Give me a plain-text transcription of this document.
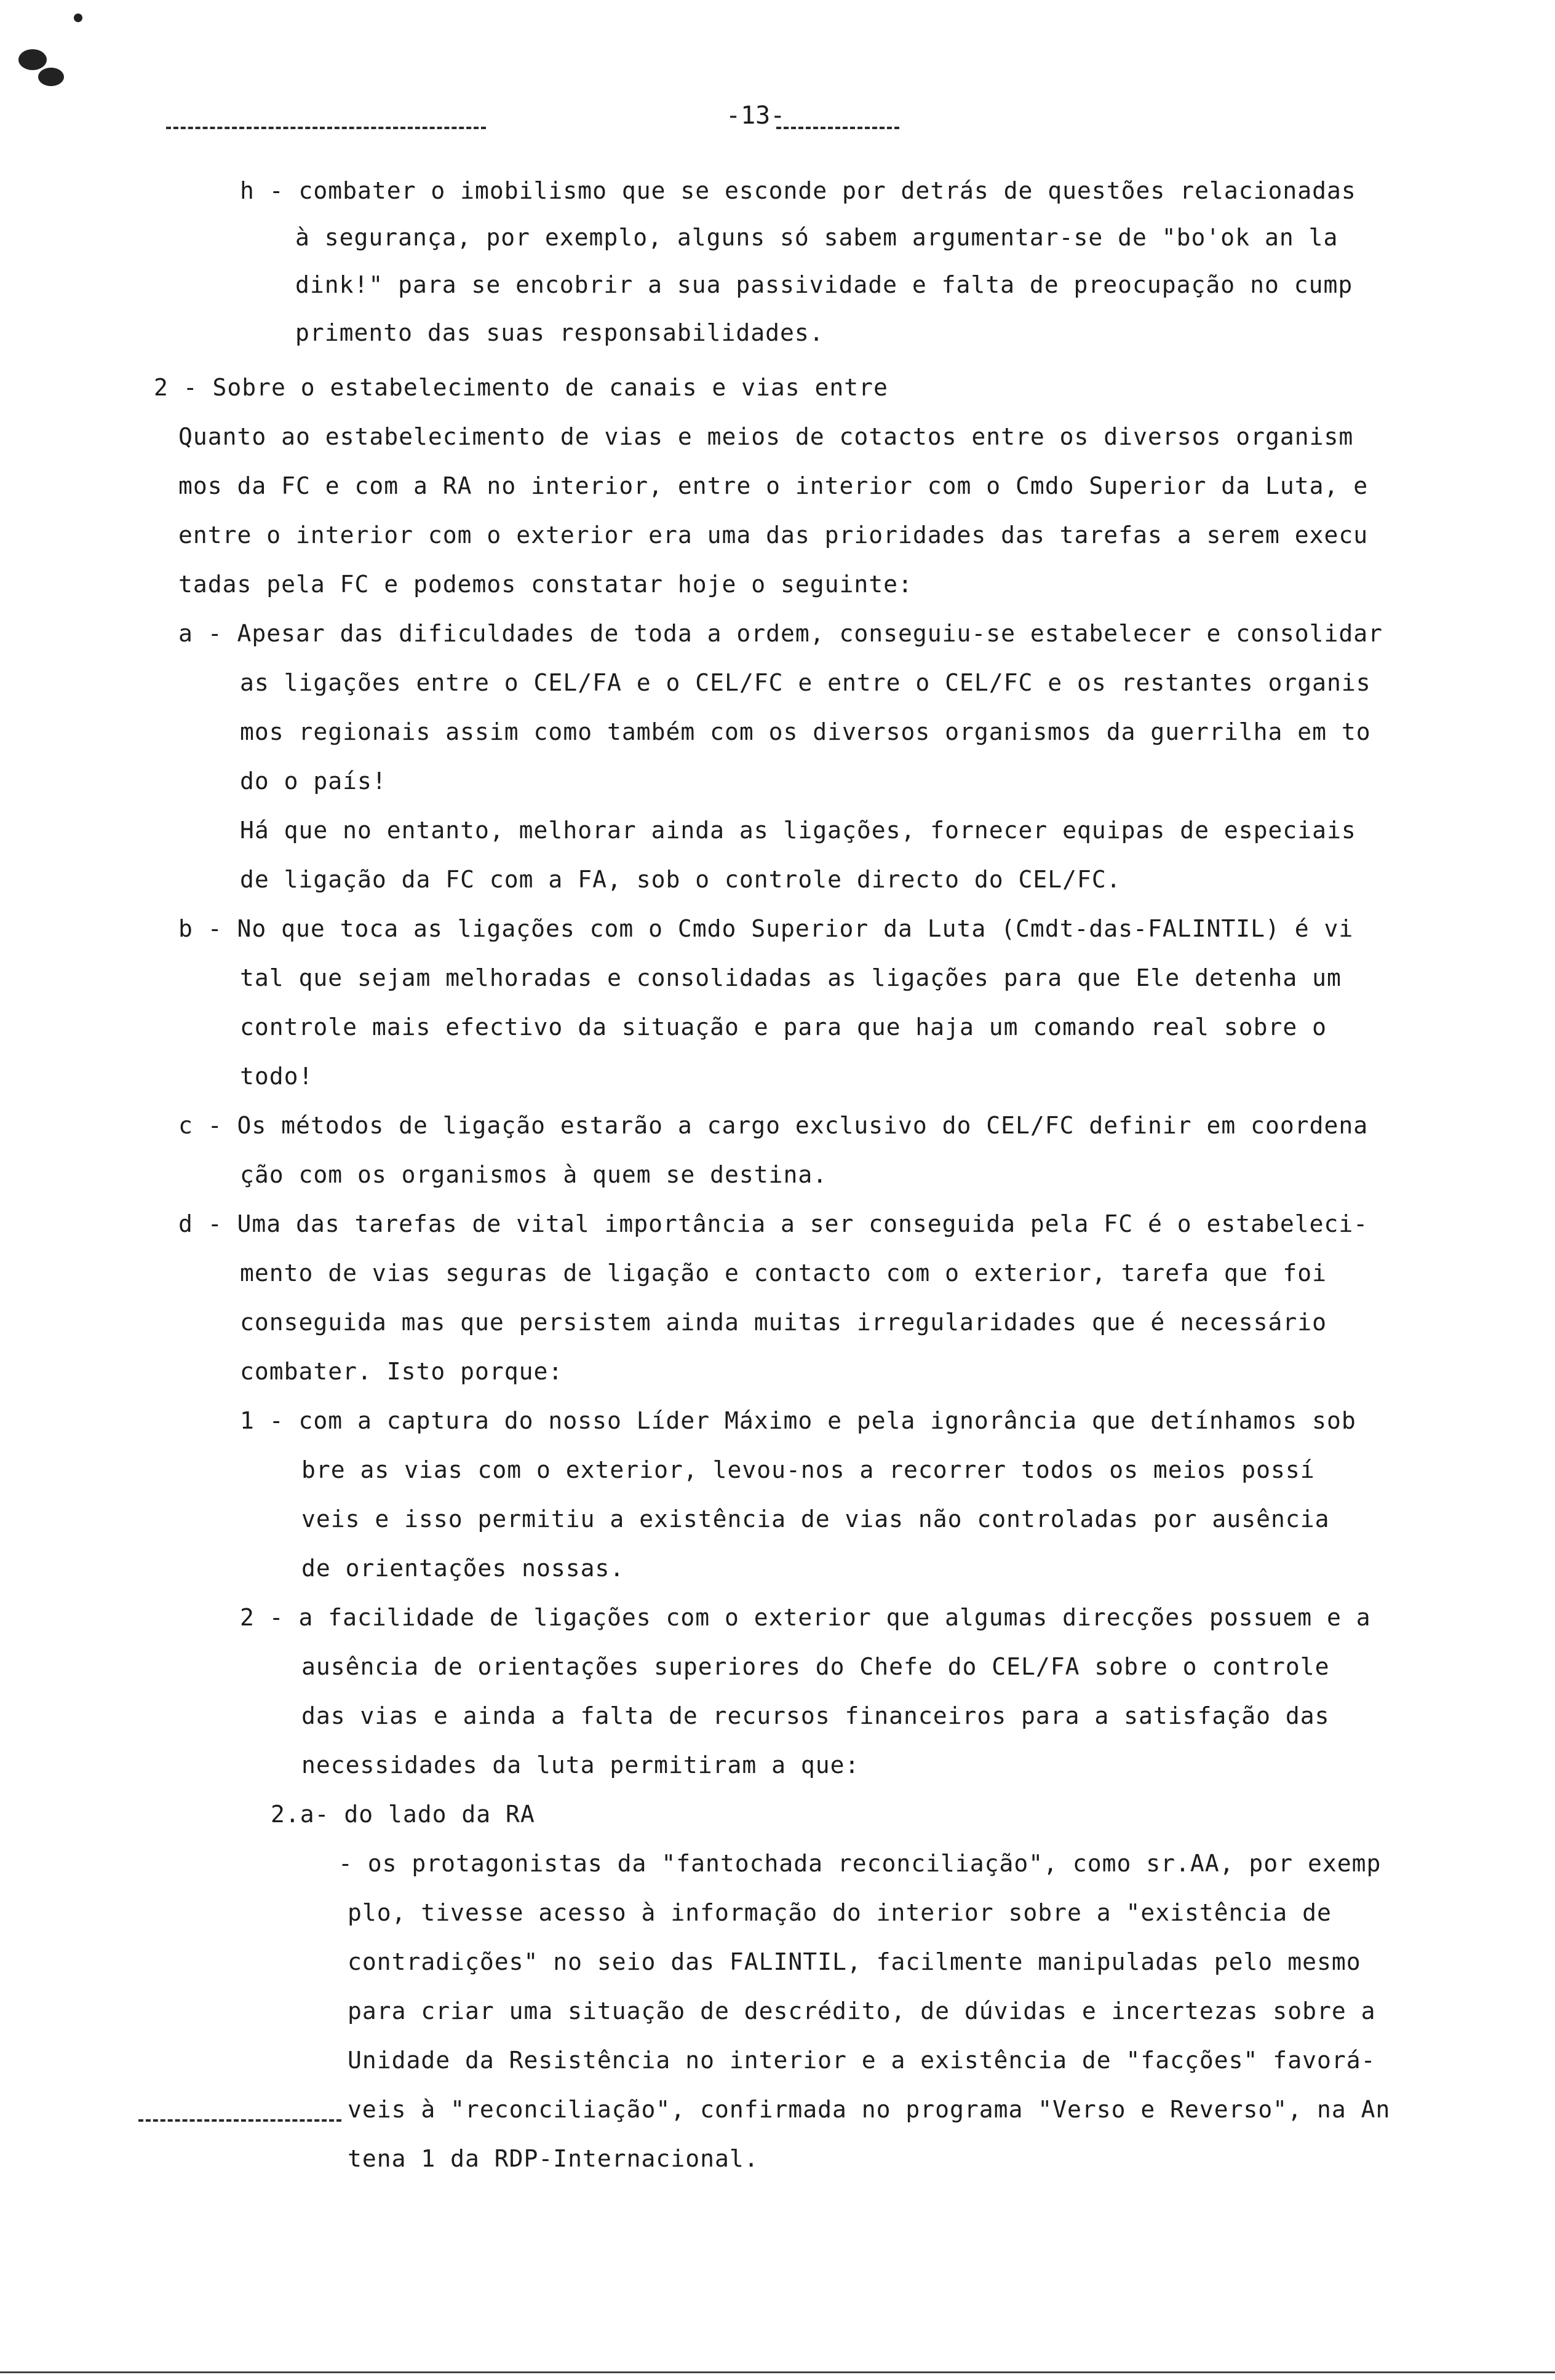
-13-
h - combater o imobilismo que se esconde por detrás de questões relacionadas
à segurança, por exemplo, alguns só sabem argumentar-se de "bo'ok an la
dink!" para se encobrir a sua passividade e falta de preocupação no cump
primento das suas responsabilidades.
2 - Sobre o estabelecimento de canais e vias entre
Quanto ao estabelecimento de vias e meios de cotactos entre os diversos organism
mos da FC e com a RA no interior, entre o interior com o Cmdo Superior da Luta, e
entre o interior com o exterior era uma das prioridades das tarefas a serem execu
tadas pela FC e podemos constatar hoje o seguinte:
a - Apesar das dificuldades de toda a ordem, conseguiu-se estabelecer e consolidar
as ligações entre o CEL/FA e o CEL/FC e entre o CEL/FC e os restantes organis
mos regionais assim como também com os diversos organismos da guerrilha em to
do o país!
Há que no entanto, melhorar ainda as ligações, fornecer equipas de especiais
de ligação da FC com a FA, sob o controle directo do CEL/FC.
b - No que toca as ligações com o Cmdo Superior da Luta (Cmdt-das-FALINTIL) é vi
tal que sejam melhoradas e consolidadas as ligações para que Ele detenha um
controle mais efectivo da situação e para que haja um comando real sobre o
todo!
c - Os métodos de ligação estarão a cargo exclusivo do CEL/FC definir em coordena
ção com os organismos à quem se destina.
d - Uma das tarefas de vital importância a ser conseguida pela FC é o estabeleci-
mento de vias seguras de ligação e contacto com o exterior, tarefa que foi
conseguida mas que persistem ainda muitas irregularidades que é necessário
combater. Isto porque:
1 - com a captura do nosso Líder Máximo e pela ignorância que detínhamos sob
bre as vias com o exterior, levou-nos a recorrer todos os meios possí
veis e isso permitiu a existência de vias não controladas por ausência
de orientações nossas.
2 - a facilidade de ligações com o exterior que algumas direcções possuem e a
ausência de orientações superiores do Chefe do CEL/FA sobre o controle
das vias e ainda a falta de recursos financeiros para a satisfação das
necessidades da luta permitiram a que:
2.a- do lado da RA
- os protagonistas da "fantochada reconciliação", como sr.AA, por exemp
plo, tivesse acesso à informação do interior sobre a "existência de
contradições" no seio das FALINTIL, facilmente manipuladas pelo mesmo
para criar uma situação de descrédito, de dúvidas e incertezas sobre a
Unidade da Resistência no interior e a existência de "facções" favorá-
veis à "reconciliação", confirmada no programa "Verso e Reverso", na An
tena 1 da RDP-Internacional.
